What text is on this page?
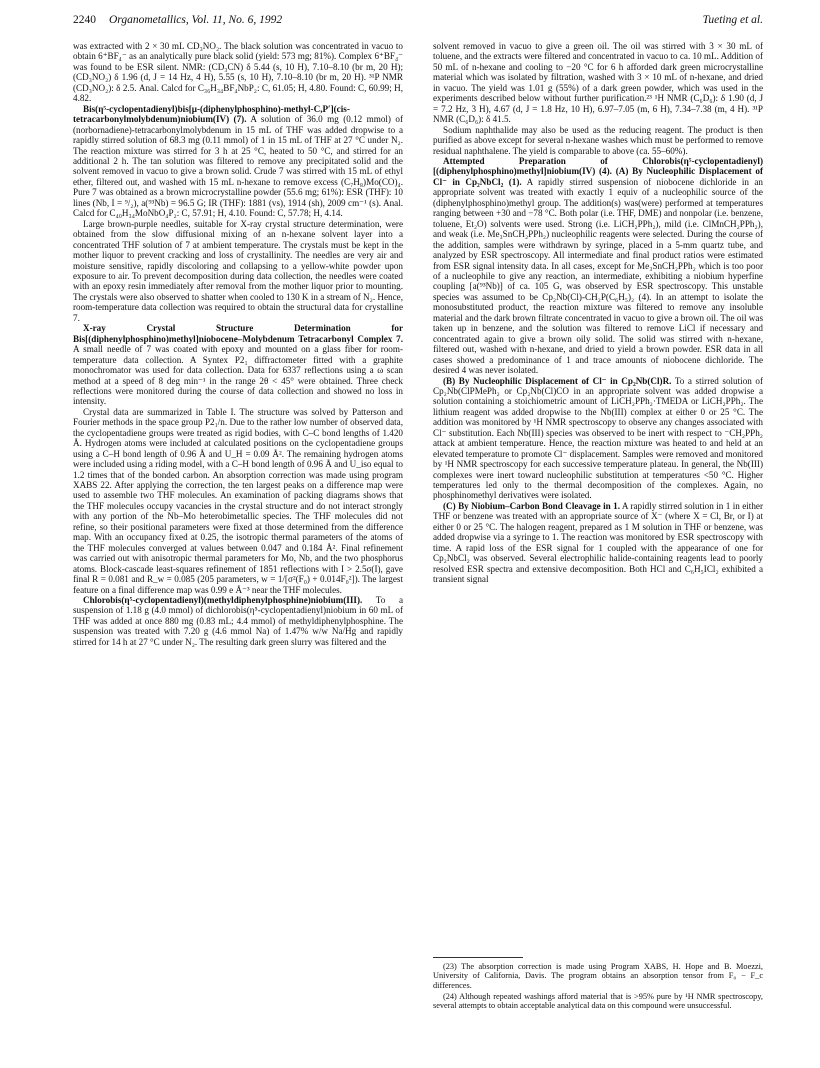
2240 Organometallics, Vol. 11, No. 6, 1992	Tueting et al.

was extracted with 2 × 30 mL CD₃NO₂. The black solution was concentrated in vacuo to obtain 6⁺BF₄⁻ as an analytically pure black solid (yield: 573 mg; 81%). Complex 6⁺BF₄⁻ was found to be ESR silent. NMR: (CD₃CN) δ 5.44 (s, 10 H), 7.10–8.10 (br m, 20 H); (CD₃NO₂) δ 1.96 (d, J = 14 Hz, 4 H), 5.55 (s, 10 H), 7.10–8.10 (br m, 20 H). ³¹P NMR (CD₃NO₂): δ 2.5. Anal. Calcd for C₃₆H₃₄BF₄NbP₂: C, 61.05; H, 4.80. Found: C, 60.99; H, 4.82.

Bis(η⁵-cyclopentadienyl)bis[μ-(diphenylphosphino)-methyl-C,P′](cis-tetracarbonylmolybdenum)niobium(IV) (7). A solution of 36.0 mg (0.12 mmol) of (norbornadiene)-tetracarbonylmolybdenum in 15 mL of THF was added dropwise to a rapidly stirred solution of 68.3 mg (0.11 mmol) of 1 in 15 mL of THF at 27 °C under N₂. The reaction mixture was stirred for 3 h at 25 °C, heated to 50 °C, and stirred for an additional 2 h. The tan solution was filtered to remove any precipitated solid and the solvent removed in vacuo to give a brown solid. Crude 7 was stirred with 15 mL of ethyl ether, filtered out, and washed with 15 mL n-hexane to remove excess (C₇H₈)Mo(CO)₄. Pure 7 was obtained as a brown microcrystalline powder (55.6 mg; 61%): ESR (THF): 10 lines (Nb, I = ⁹/₂), a(⁹³Nb) = 96.5 G; IR (THF): 1881 (vs), 1914 (sh), 2009 cm⁻¹ (s). Anal. Calcd for C₄₀H₃₄MoNbO₄P₂: C, 57.91; H, 4.10. Found: C, 57.78; H, 4.14.

Large brown-purple needles, suitable for X-ray crystal structure determination, were obtained from the slow diffusional mixing of an n-hexane solvent layer into a concentrated THF solution of 7 at ambient temperature. The crystals must be kept in the mother liquor to prevent cracking and loss of crystallinity. The needles are very air and moisture sensitive, rapidly discoloring and collapsing to a yellow-white powder upon exposure to air. To prevent decomposition during data collection, the needles were coated with an epoxy resin immediately after removal from the mother liquor prior to mounting. The crystals were also observed to shatter when cooled to 130 K in a stream of N₂. Hence, room-temperature data collection was required to obtain the structural data for crystalline 7.

X-ray Crystal Structure Determination for Bis[(diphenylphosphino)methyl]niobocene–Molybdenum Tetracarbonyl Complex 7. A small needle of 7 was coated with epoxy and mounted on a glass fiber for room-temperature data collection. A Syntex P2₁ diffractometer fitted with a graphite monochromator was used for data collection. Data for 6337 reflections using a ω scan method at a speed of 8 deg min⁻¹ in the range 2θ < 45° were obtained. Three check reflections were monitored during the course of data collection and showed no loss in intensity.

Crystal data are summarized in Table I. The structure was solved by Patterson and Fourier methods in the space group P2₁/n. Due to the rather low number of observed data, the cyclopentadiene groups were treated as rigid bodies, with C–C bond lengths of 1.420 Å. Hydrogen atoms were included at calculated positions on the cyclopentadiene groups using a C–H bond length of 0.96 Å and U_H = 0.09 Å². The remaining hydrogen atoms were included using a riding model, with a C–H bond length of 0.96 Å and U_iso equal to 1.2 times that of the bonded carbon. An absorption correction was made using program XABS 22. After applying the correction, the ten largest peaks on a difference map were used to assemble two THF molecules. An examination of packing diagrams shows that the THF molecules occupy vacancies in the crystal structure and do not interact strongly with any portion of the Nb–Mo heterobimetallic species. The THF molecules did not refine, so their positional parameters were fixed at those determined from the difference map. With an occupancy fixed at 0.25, the isotropic thermal parameters of the atoms of the THF molecules converged at values between 0.047 and 0.184 Å². Final refinement was carried out with anisotropic thermal parameters for Mo, Nb, and the two phosphorus atoms. Block-cascade least-squares refinement of 1851 reflections with I > 2.5σ(I), gave final R = 0.081 and R_w = 0.085 (205 parameters, w = 1/[σ²(F₀) + 0.014F₀²]). The largest feature on a final difference map was 0.99 e Å⁻³ near the THF molecules.

Chlorobis(η⁵-cyclopentadienyl)(methyldiphenylphosphine)niobium(III). To a suspension of 1.18 g (4.0 mmol) of dichlorobis(η⁵-cyclopentadienyl)niobium in 60 mL of THF was added at once 880 mg (0.83 mL; 4.4 mmol) of methyldiphenylphosphine. The suspension was treated with 7.20 g (4.6 mmol Na) of 1.47% w/w Na/Hg and rapidly stirred for 14 h at 27 °C under N₂. The resulting dark green slurry was filtered and the

solvent removed in vacuo to give a green oil. The oil was stirred with 3 × 30 mL of toluene, and the extracts were filtered and concentrated in vacuo to ca. 10 mL. Addition of 50 mL of n-hexane and cooling to −20 °C for 6 h afforded dark green microcrystalline material which was isolated by filtration, washed with 3 × 10 mL of n-hexane, and dried in vacuo. The yield was 1.01 g (55%) of a dark green powder, which was used in the experiments described below without further purification.²³ ¹H NMR (C₆D₆): δ 1.90 (d, J = 7.2 Hz, 3 H), 4.67 (d, J = 1.8 Hz, 10 H), 6.97–7.05 (m, 6 H), 7.34–7.38 (m, 4 H). ³¹P NMR (C₆D₆): δ 41.5.

Sodium naphthalide may also be used as the reducing reagent. The product is then purified as above except for several n-hexane washes which must be performed to remove residual naphthalene. The yield is comparable to above (ca. 55–60%).

Attempted Preparation of Chlorobis(η⁵-cyclopentadienyl)[(diphenylphosphino)methyl]niobium(IV) (4). (A) By Nucleophilic Displacement of Cl⁻ in Cp₂NbCl₂ (1). A rapidly stirred suspension of niobocene dichloride in an appropriate solvent was treated with exactly 1 equiv of a nucleophilic source of the (diphenylphosphino)methyl group. The addition(s) was(were) performed at temperatures ranging between +30 and −78 °C. Both polar (i.e. THF, DME) and nonpolar (i.e. benzene, toluene, Et₂O) solvents were used. Strong (i.e. LiCH₂PPh₂), mild (i.e. ClMnCH₂PPh₂), and weak (i.e. Me₃SnCH₂PPh₂) nucleophilic reagents were selected. During the course of the addition, samples were withdrawn by syringe, placed in a 5-mm quartz tube, and analyzed by ESR spectroscopy. All intermediate and final product ratios were estimated from ESR signal intensity data. In all cases, except for Me₃SnCH₂PPh₂ which is too poor of a nucleophile to give any reaction, an intermediate, exhibiting a niobium hyperfine coupling [a(⁹³Nb)] of ca. 105 G, was observed by ESR spectroscopy. This unstable species was assumed to be Cp₂Nb(Cl)-CH₂P(C₆H₅)₂ (4). In an attempt to isolate the monosubstituted product, the reaction mixture was filtered to remove any insoluble material and the dark brown filtrate concentrated in vacuo to give a brown oil. The oil was taken up in benzene, and the solution was filtered to remove LiCl if necessary and concentrated again to give a brown oily solid. The solid was stirred with n-hexane, filtered out, washed with n-hexane, and dried to yield a brown powder. ESR data in all cases showed a predominance of 1 and trace amounts of niobocene dichloride. The desired 4 was never isolated.

(B) By Nucleophilic Displacement of Cl⁻ in Cp₂Nb(Cl)R. To a stirred solution of Cp₂Nb(ClPMePh₂ or Cp₂Nb(Cl)CO in an appropriate solvent was added dropwise a solution containing a stoichiometric amount of LiCH₂PPh₂·TMEDA or LiCH₂PPh₂. The lithium reagent was added dropwise to the Nb(III) complex at either 0 or 25 °C. The addition was monitored by ¹H NMR spectroscopy to observe any changes associated with Cl⁻ substitution. Each Nb(III) species was observed to be inert with respect to ⁻CH₂PPh₂ attack at ambient temperature. Hence, the reaction mixture was heated to and held at an elevated temperature to promote Cl⁻ displacement. Samples were removed and monitored by ¹H NMR spectroscopy for each successive temperature plateau. In general, the Nb(III) complexes were inert toward nucleophilic substitution at temperatures <50 °C. Higher temperatures led only to the thermal decomposition of the complexes. Again, no phosphinomethyl derivatives were isolated.

(C) By Niobium–Carbon Bond Cleavage in 1. A rapidly stirred solution in 1 in either THF or benzene was treated with an appropriate source of X⁻ (where X = Cl, Br, or I) at either 0 or 25 °C. The halogen reagent, prepared as 1 M solution in THF or benzene, was added dropwise via a syringe to 1. The reaction was monitored by ESR spectroscopy with time. A rapid loss of the ESR signal for 1 coupled with the appearance of one for Cp₂NbCl₂ was observed. Several electrophilic halide-containing reagents lead to poorly resolved ESR spectra and extensive decomposition. Both HCl and C₆H₅ICl₂ exhibited a transient signal

(23) The absorption correction is made using Program XABS, H. Hope and B. Moezzi, University of California, Davis. The program obtains an absorption tensor from F₀ − F_c differences.

(24) Although repeated washings afford material that is >95% pure by ¹H NMR spectroscopy, several attempts to obtain acceptable analytical data on this compound were unsuccessful.
